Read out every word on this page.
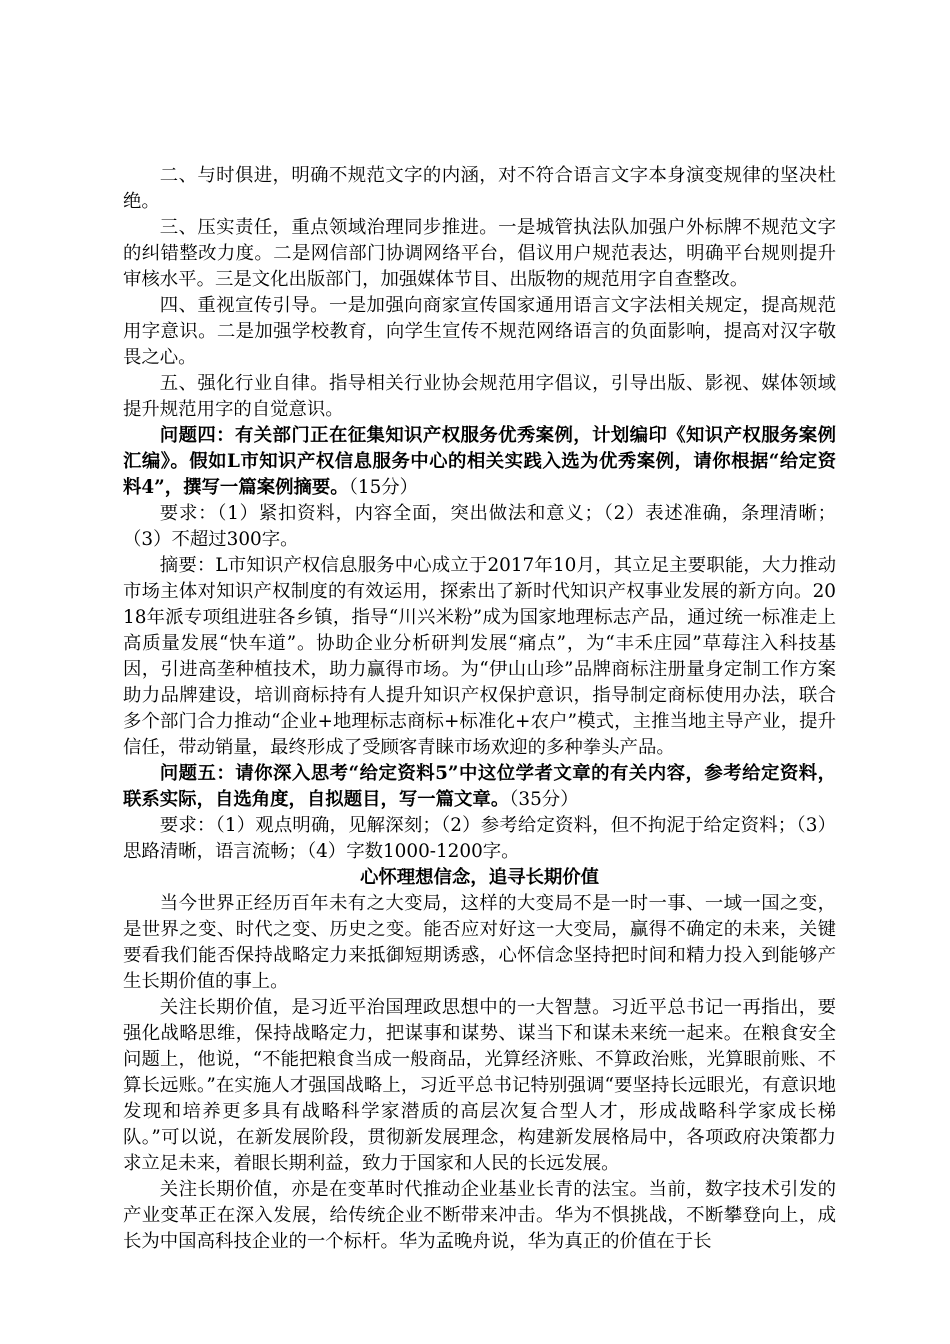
二、与时俱进，明确不规范文字的内涵，对不符合语言文字本身演变规律的坚决杜绝。

三、压实责任，重点领域治理同步推进。一是城管执法队加强户外标牌不规范文字的纠错整改力度。二是网信部门协调网络平台，倡议用户规范表达，明确平台规则提升审核水平。三是文化出版部门，加强媒体节目、出版物的规范用字自查整改。

四、重视宣传引导。一是加强向商家宣传国家通用语言文字法相关规定，提高规范用字意识。二是加强学校教育，向学生宣传不规范网络语言的负面影响，提高对汉字敬畏之心。

五、强化行业自律。指导相关行业协会规范用字倡议，引导出版、影视、媒体领域提升规范用字的自觉意识。

问题四：有关部门正在征集知识产权服务优秀案例，计划编印《知识产权服务案例汇编》。假如L市知识产权信息服务中心的相关实践入选为优秀案例，请你根据“给定资料4”，撰写一篇案例摘要。（15分）

要求：（1）紧扣资料，内容全面，突出做法和意义；（2）表述准确，条理清晰；（3）不超过300字。

摘要：L市知识产权信息服务中心成立于2017年10月，其立足主要职能，大力推动市场主体对知识产权制度的有效运用，探索出了新时代知识产权事业发展的新方向。2018年派专项组进驻各乡镇，指导“川兴米粉”成为国家地理标志产品，通过统一标准走上高质量发展“快车道”。协助企业分析研判发展“痛点”，为“丰禾庄园”草莓注入科技基因，引进高垄种植技术，助力赢得市场。为“伊山山珍”品牌商标注册量身定制工作方案助力品牌建设，培训商标持有人提升知识产权保护意识，指导制定商标使用办法，联合多个部门合力推动“企业+地理标志商标+标准化+农户”模式，主推当地主导产业，提升信任，带动销量，最终形成了受顾客青睐市场欢迎的多种拳头产品。

问题五：请你深入思考“给定资料5”中这位学者文章的有关内容，参考给定资料，联系实际，自选角度，自拟题目，写一篇文章。（35分）

要求：（1）观点明确，见解深刻；（2）参考给定资料，但不拘泥于给定资料；（3）思路清晰，语言流畅；（4）字数1000-1200字。

心怀理想信念，追寻长期价值

当今世界正经历百年未有之大变局，这样的大变局不是一时一事、一域一国之变，是世界之变、时代之变、历史之变。能否应对好这一大变局，赢得不确定的未来，关键要看我们能否保持战略定力来抵御短期诱惑，心怀信念坚持把时间和精力投入到能够产生长期价值的事上。

关注长期价值，是习近平治国理政思想中的一大智慧。习近平总书记一再指出，要强化战略思维，保持战略定力，把谋事和谋势、谋当下和谋未来统一起来。在粮食安全问题上，他说，“不能把粮食当成一般商品，光算经济账、不算政治账，光算眼前账、不算长远账。”在实施人才强国战略上，习近平总书记特别强调“要坚持长远眼光，有意识地发现和培养更多具有战略科学家潜质的高层次复合型人才，形成战略科学家成长梯队。”可以说，在新发展阶段，贯彻新发展理念，构建新发展格局中，各项政府决策都力求立足未来，着眼长期利益，致力于国家和人民的长远发展。

关注长期价值，亦是在变革时代推动企业基业长青的法宝。当前，数字技术引发的产业变革正在深入发展，给传统企业不断带来冲击。华为不惧挑战，不断攀登向上，成长为中国高科技企业的一个标杆。华为孟晚舟说，华为真正的价值在于长
